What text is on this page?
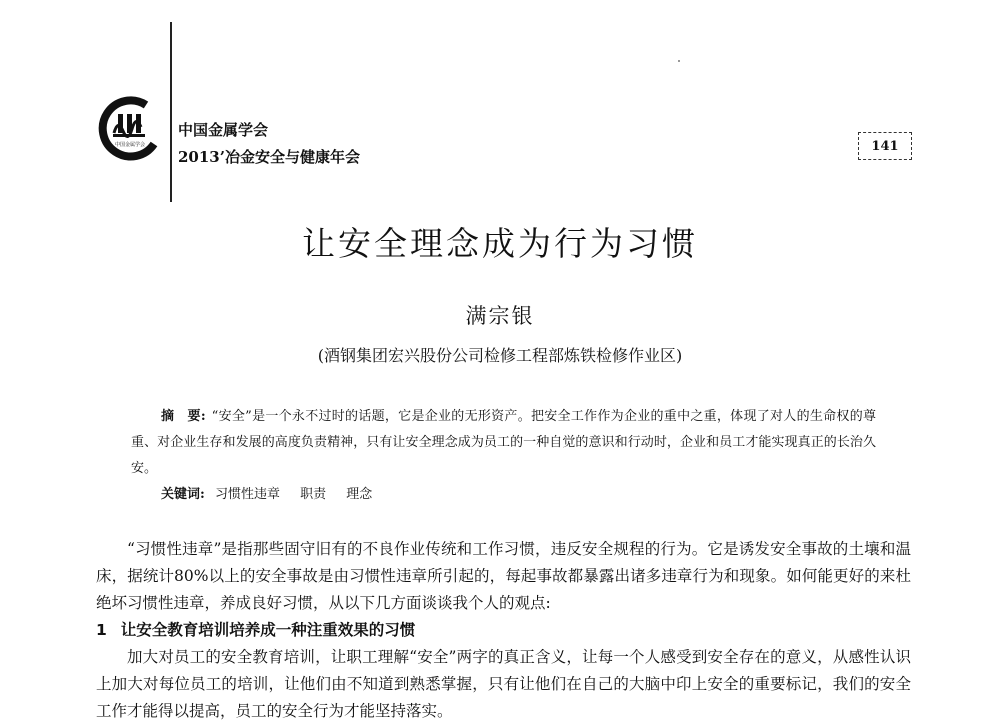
中国金属学会
中国金属学会
2013’冶金安全与健康年会
141
让安全理念成为行为习惯
满宗银
(酒钢集团宏兴股份公司检修工程部炼铁检修作业区)
摘　要: “安全”是一个永不过时的话题，它是企业的无形资产。把安全工作作为企业的重中之重，体现了对人的生命权的尊重、对企业生存和发展的高度负责精神，只有让安全理念成为员工的一种自觉的意识和行动时，企业和员工才能实现真正的长治久安。
关键词: 习惯性违章 职责 理念

“习惯性违章”是指那些固守旧有的不良作业传统和工作习惯，违反安全规程的行为。它是诱发安全事故的土壤和温床，据统计80%以上的安全事故是由习惯性违章所引起的，每起事故都暴露出诸多违章行为和现象。如何能更好的来杜绝坏习惯性违章，养成良好习惯，从以下几方面谈谈我个人的观点:

1 让安全教育培训培养成一种注重效果的习惯

加大对员工的安全教育培训，让职工理解“安全”两字的真正含义，让每一个人感受到安全存在的意义，从感性认识上加大对每位员工的培训，让他们由不知道到熟悉掌握，只有让他们在自己的大脑中印上安全的重要标记，我们的安全工作才能得以提高，员工的安全行为才能坚持落实。
